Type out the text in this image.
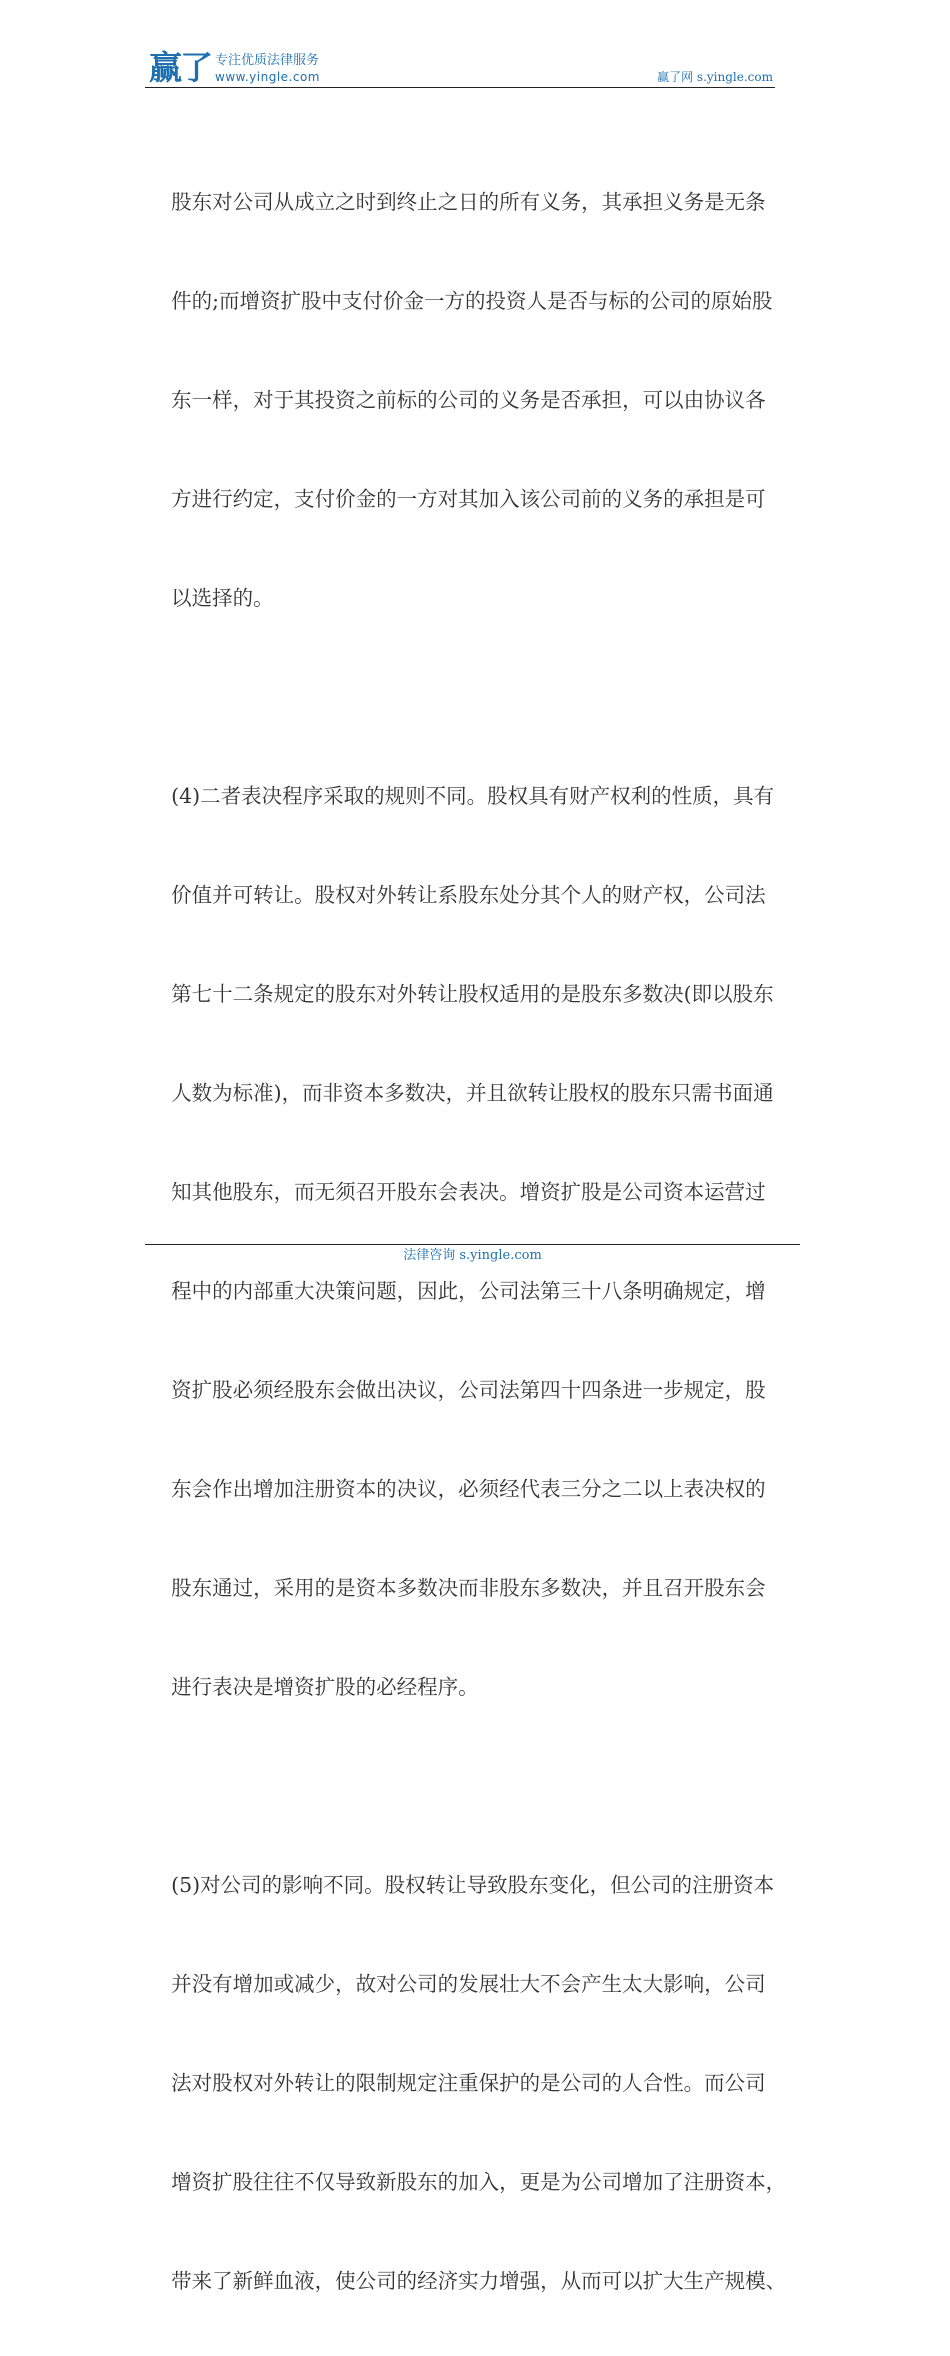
赢了 专注优质法律服务
www.yingle.com	赢了网 s.yingle.com

股东对公司从成立之时到终止之日的所有义务，其承担义务是无条

件的;而增资扩股中支付价金一方的投资人是否与标的公司的原始股

东一样，对于其投资之前标的公司的义务是否承担，可以由协议各

方进行约定，支付价金的一方对其加入该公司前的义务的承担是可

以选择的。

(4)二者表决程序采取的规则不同。股权具有财产权利的性质，具有

价值并可转让。股权对外转让系股东处分其个人的财产权，公司法

第七十二条规定的股东对外转让股权适用的是股东多数决(即以股东

人数为标准)，而非资本多数决，并且欲转让股权的股东只需书面通

知其他股东，而无须召开股东会表决。增资扩股是公司资本运营过

程中的内部重大决策问题，因此，公司法第三十八条明确规定，增

资扩股必须经股东会做出决议，公司法第四十四条进一步规定，股

东会作出增加注册资本的决议，必须经代表三分之二以上表决权的

股东通过，采用的是资本多数决而非股东多数决，并且召开股东会

进行表决是增资扩股的必经程序。

(5)对公司的影响不同。股权转让导致股东变化，但公司的注册资本

并没有增加或减少，故对公司的发展壮大不会产生太大影响，公司

法对股权对外转让的限制规定注重保护的是公司的人合性。而公司

增资扩股往往不仅导致新股东的加入，更是为公司增加了注册资本，

带来了新鲜血液，使公司的经济实力增强，从而可以扩大生产规模、

法律咨询 s.yingle.com
